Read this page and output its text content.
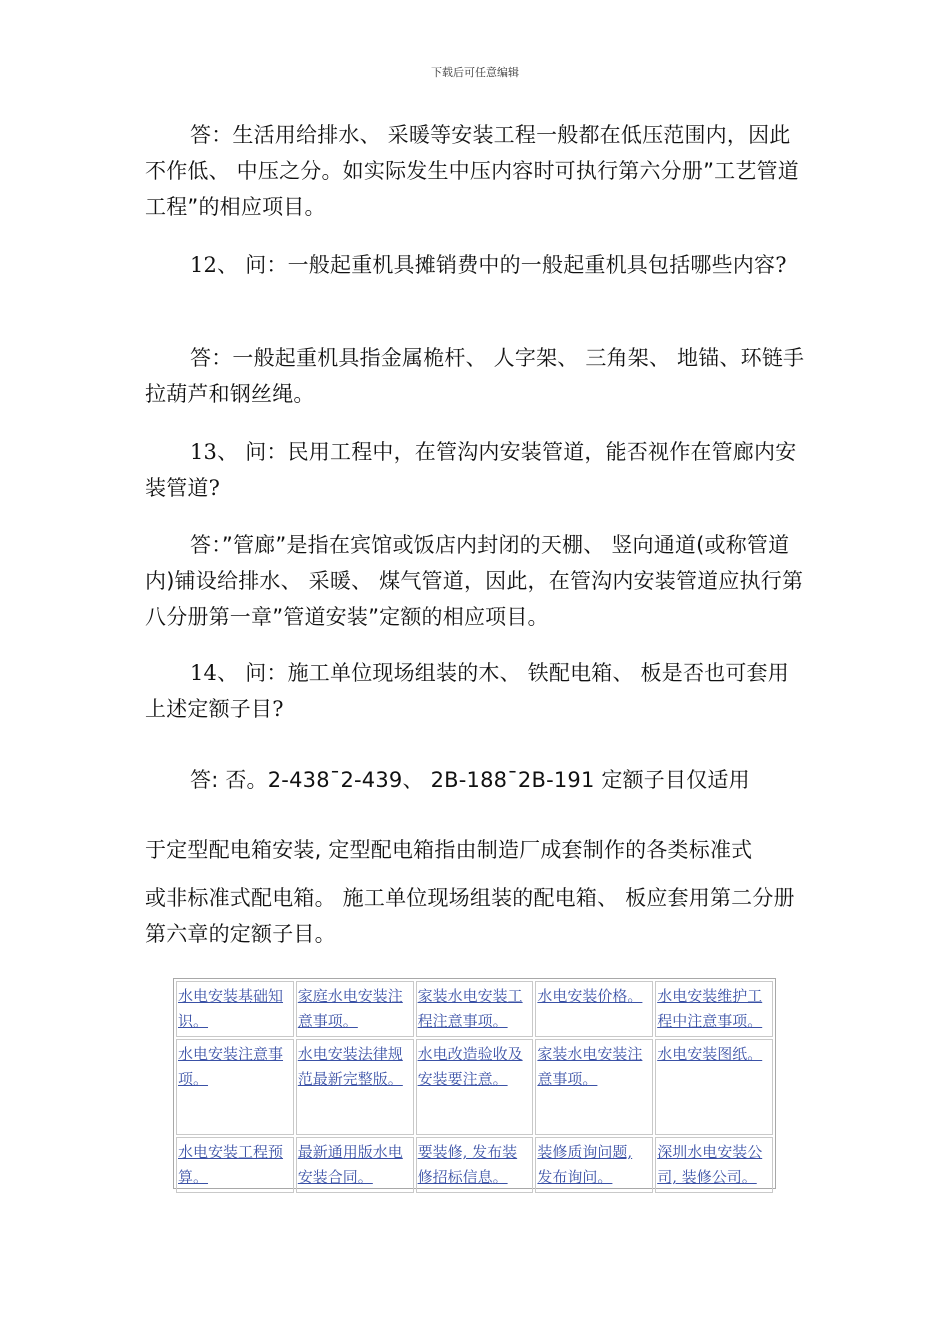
下载后可任意编辑

答：生活用给排水、 采暖等安装工程一般都在低压范围内，因此不作低、 中压之分。如实际发生中压内容时可执行第六分册”工艺管道工程”的相应项目。

12、 问：一般起重机具摊销费中的一般起重机具包括哪些内容?

答：一般起重机具指金属桅杆、 人字架、 三角架、 地锚、环链手拉葫芦和钢丝绳。

13、 问：民用工程中，在管沟内安装管道，能否视作在管廊内安装管道?

答：”管廊”是指在宾馆或饭店内封闭的天棚、 竖向通道(或称管道内)铺设给排水、 采暖、 煤气管道，因此，在管沟内安装管道应执行第八分册第一章”管道安装”定额的相应项目。

14、 问：施工单位现场组装的木、 铁配电箱、 板是否也可套用上述定额子目?

答: 否。2-438¯2-439、 2B-188¯2B-191 定额子目仅适用

于定型配电箱安装, 定型配电箱指由制造厂成套制作的各类标准式

或非标准式配电箱。 施工单位现场组装的配电箱、 板应套用第二分册第六章的定额子目。

水电安装基础知识。	家庭水电安装注意事项。	家装水电安装工程注意事项。	水电安装价格。	水电安装维护工程中注意事项。
水电安装注意事项。	水电安装法律规范最新完整版。	水电改造验收及安装要注意。	家装水电安装注意事项。	水电安装图纸。
水电安装工程预算。	最新通用版水电安装合同。	要装修, 发布装修招标信息。	装修质询问题, 发布询问。	深圳水电安装公司, 装修公司。
